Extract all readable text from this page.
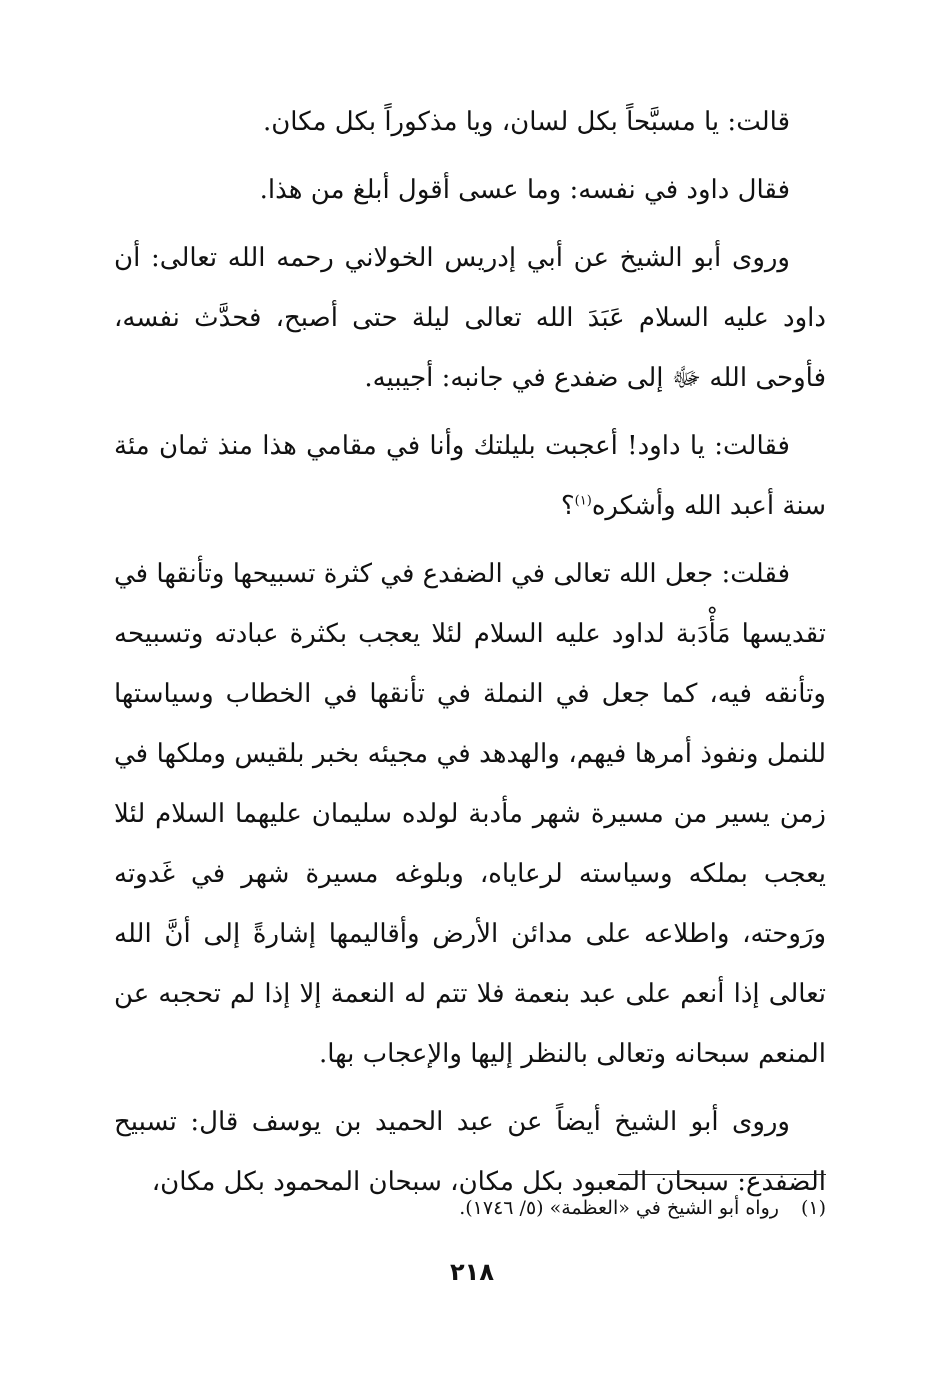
قالت: يا مسبَّحاً بكل لسان، ويا مذكوراً بكل مكان.

فقال داود في نفسه: وما عسى أقول أبلغ من هذا.

وروى أبو الشيخ عن أبي إدريس الخولاني رحمه الله تعالى: أن داود عليه السلام عَبَدَ الله تعالى ليلة حتى أصبح، فحدَّث نفسه، فأوحى الله ﷻ إلى ضفدع في جانبه: أجيبيه.

فقالت: يا داود! أعجبت بليلتك وأنا في مقامي هذا منذ ثمان مئة سنة أعبد الله وأشكره$^{(١)}$؟

فقلت: جعل الله تعالى في الضفدع في كثرة تسبيحها وتأنقها في تقديسها مَأْدَبة لداود عليه السلام لئلا يعجب بكثرة عبادته وتسبيحه وتأنقه فيه، كما جعل في النملة في تأنقها في الخطاب وسياستها للنمل ونفوذ أمرها فيهم، والهدهد في مجيئه بخبر بلقيس وملكها في زمن يسير من مسيرة شهر مأدبة لولده سليمان عليهما السلام لئلا يعجب بملكه وسياسته لرعاياه، وبلوغه مسيرة شهر في غَدوته ورَوحته، واطلاعه على مدائن الأرض وأقاليمها إشارةً إلى أنَّ الله تعالى إذا أنعم على عبد بنعمة فلا تتم له النعمة إلا إذا لم تحجبه عن المنعم سبحانه وتعالى بالنظر إليها والإعجاب بها.

وروى أبو الشيخ أيضاً عن عبد الحميد بن يوسف قال: تسبيح الضفدع: سبحان المعبود بكل مكان، سبحان المحمود بكل مكان،

(١)رواه أبو الشيخ في «العظمة» (٥/ ١٧٤٦).
٢١٨
